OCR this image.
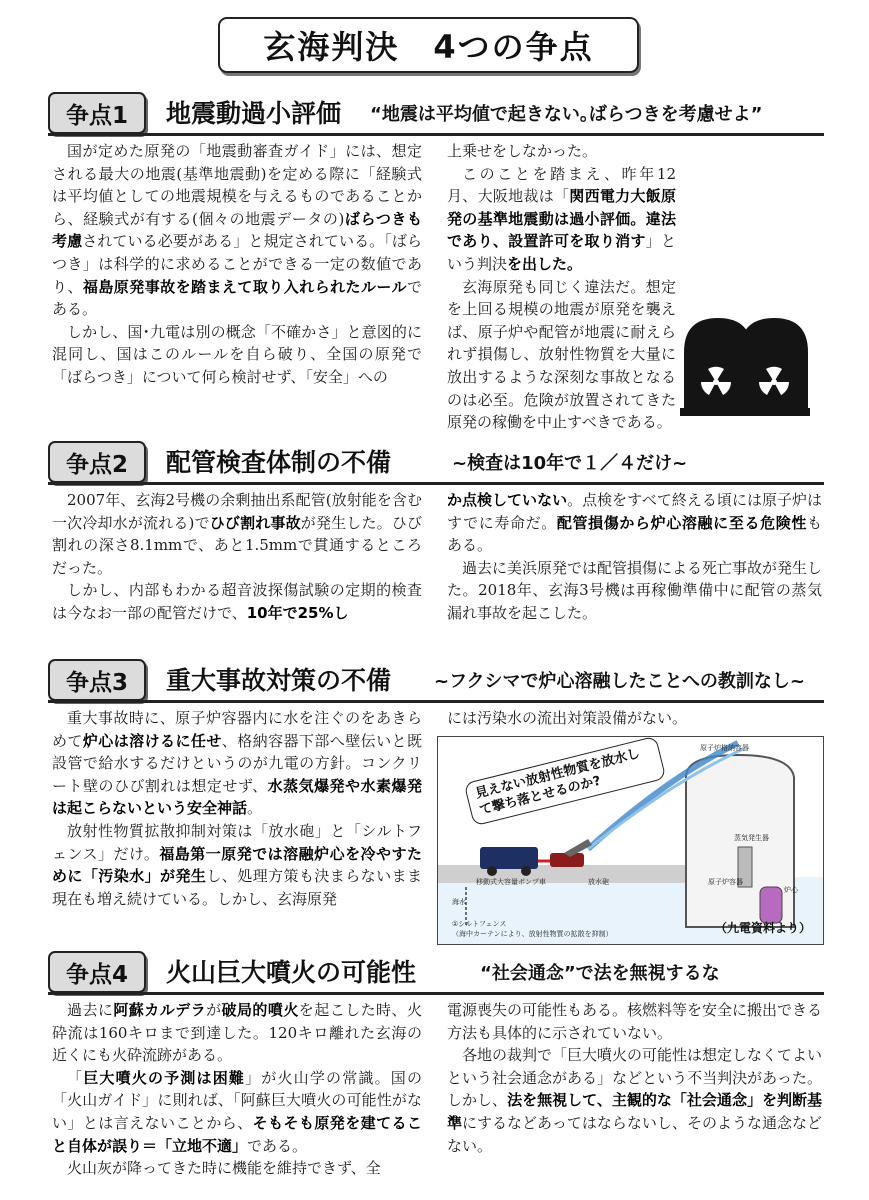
玄海判決　4つの争点
争点1	地震動過小評価 “地震は平均値で起きない｡ばらつきを考慮せよ”

国が定めた原発の「地震動審査ガイド」には、想定される最大の地震(基準地震動)を定める際に「経験式は平均値としての地震規模を与えるものであることから、経験式が有する(個々の地震データの)ばらつきも考慮されている必要がある」と規定されている。「ばらつき」は科学的に求めることができる一定の数値であり、福島原発事故を踏まえて取り入れられたルールである。

しかし、国･九電は別の概念「不確かさ」と意図的に混同し、国はこのルールを自ら破り、全国の原発で「ばらつき」について何ら検討せず、「安全」への

上乗せをしなかった。

このことを踏まえ、昨年12月、大阪地裁は「関西電力大飯原発の基準地震動は過小評価。違法であり、設置許可を取り消す」という判決を出した。

玄海原発も同じく違法だ。想定を上回る規模の地震が原発を襲えば、原子炉や配管が地震に耐えられず損傷し、放射性物質を大量に放出するような深刻な事故となるのは必至。危険が放置されてきた原発の稼働を中止すべきである。

争点2	配管検査体制の不備	~検査は10年で１／４だけ~

2007年、玄海2号機の余剰抽出系配管(放射能を含む一次冷却水が流れる)でひび割れ事故が発生した。ひび割れの深さ8.1mmで、あと1.5mmで貫通するところだった。

しかし、内部もわかる超音波探傷試験の定期的検査は今なお一部の配管だけで、10年で25%し

か点検していない。点検をすべて終える頃には原子炉はすでに寿命だ。配管損傷から炉心溶融に至る危険性もある。

過去に美浜原発では配管損傷による死亡事故が発生した。2018年、玄海3号機は再稼働準備中に配管の蒸気漏れ事故を起こした。

争点3	重大事故対策の不備 ~フクシマで炉心溶融したことへの教訓なし~

重大事故時に、原子炉容器内に水を注ぐのをあきらめて炉心は溶けるに任せ、格納容器下部へ壁伝いと既設管で給水するだけというのが九電の方針。コンクリート壁のひび割れは想定せず、水蒸気爆発や水素爆発は起こらないという安全神話。

放射性物質拡散抑制対策は「放水砲」と「シルトフェンス」だけ。福島第一原発では溶融炉心を冷やすために「汚染水」が発生し、処理方策も決まらないまま現在も増え続けている。しかし、玄海原発

には汚染水の流出対策設備がない。

見えない放射性物質を放水して撃ち落とせるのか?
原子炉格納容器
蒸気発生器
原子炉容器
炉心
移動式大容量ポンプ車	放水砲
海水
①シルトフェンス
（海中カーテンにより、放射性物質の拡散を抑制）	（九電資料より）
争点4	火山巨大噴火の可能性	“社会通念”で法を無視するな

過去に阿蘇カルデラが破局的噴火を起こした時、火砕流は160キロまで到達した。120キロ離れた玄海の近くにも火砕流跡がある。

「巨大噴火の予測は困難」が火山学の常識。国の「火山ガイド」に則れば、「阿蘇巨大噴火の可能性がない」とは言えないことから、そもそも原発を建てること自体が誤り＝「立地不適」である。

火山灰が降ってきた時に機能を維持できず、全

電源喪失の可能性もある。核燃料等を安全に搬出できる方法も具体的に示されていない。

各地の裁判で「巨大噴火の可能性は想定しなくてよいという社会通念がある」などという不当判決があった。しかし、法を無視して、主観的な「社会通念」を判断基準にするなどあってはならないし、そのような通念などない。
